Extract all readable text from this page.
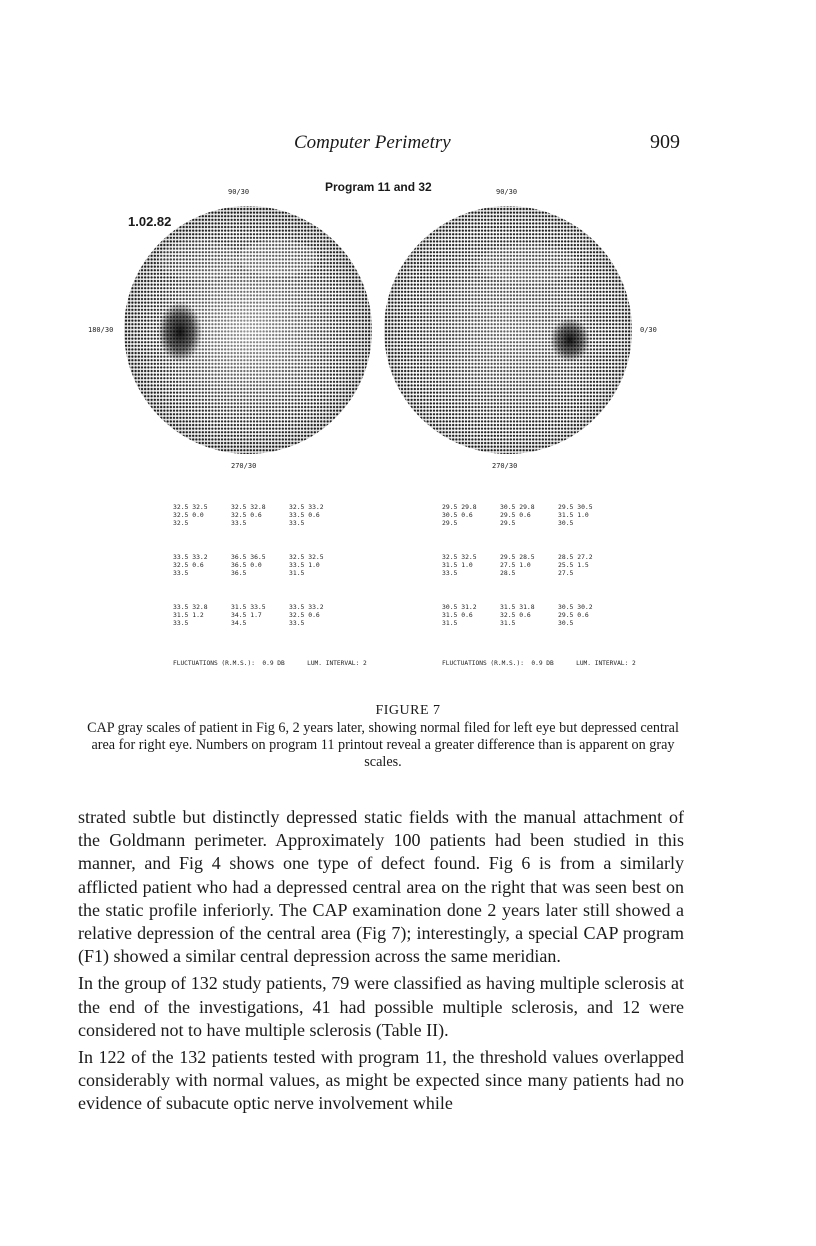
Computer Perimetry	909
Program 11 and 32
1.02.82
90/30
180/30
270/30
90/30
0/30
270/30
32.5 32.5
32.5 0.0
32.5
32.5 32.8
32.5 0.6
33.5
32.5 33.2
33.5 0.6
33.5
33.5 33.2
32.5 0.6
33.5
36.5 36.5
36.5 0.0
36.5
32.5 32.5
33.5 1.0
31.5
33.5 32.8
31.5 1.2
33.5
31.5 33.5
34.5 1.7
34.5
33.5 33.2
32.5 0.6
33.5
29.5 29.8
30.5 0.6
29.5
30.5 29.8
29.5 0.6
29.5
29.5 30.5
31.5 1.0
30.5
32.5 32.5
31.5 1.0
33.5
29.5 28.5
27.5 1.0
28.5
28.5 27.2
25.5 1.5
27.5
30.5 31.2
31.5 0.6
31.5
31.5 31.8
32.5 0.6
31.5
30.5 30.2
29.5 0.6
30.5
FLUCTUATIONS (R.M.S.):  0.9 DB      LUM. INTERVAL: 2	FLUCTUATIONS (R.M.S.):  0.9 DB      LUM. INTERVAL: 2
FIGURE 7
CAP gray scales of patient in Fig 6, 2 years later, showing normal filed for left eye but depressed central area for right eye. Numbers on program 11 printout reveal a greater difference than is apparent on gray scales.

strated subtle but distinctly depressed static fields with the manual attachment of the Goldmann perimeter. Approximately 100 patients had been studied in this manner, and Fig 4 shows one type of defect found. Fig 6 is from a similarly afflicted patient who had a depressed central area on the right that was seen best on the static profile inferiorly. The CAP examination done 2 years later still showed a relative depression of the central area (Fig 7); interestingly, a special CAP program (F1) showed a similar central depression across the same meridian.

In the group of 132 study patients, 79 were classified as having multiple sclerosis at the end of the investigations, 41 had possible multiple sclerosis, and 12 were considered not to have multiple sclerosis (Table II).

In 122 of the 132 patients tested with program 11, the threshold values overlapped considerably with normal values, as might be expected since many patients had no evidence of subacute optic nerve involvement while
